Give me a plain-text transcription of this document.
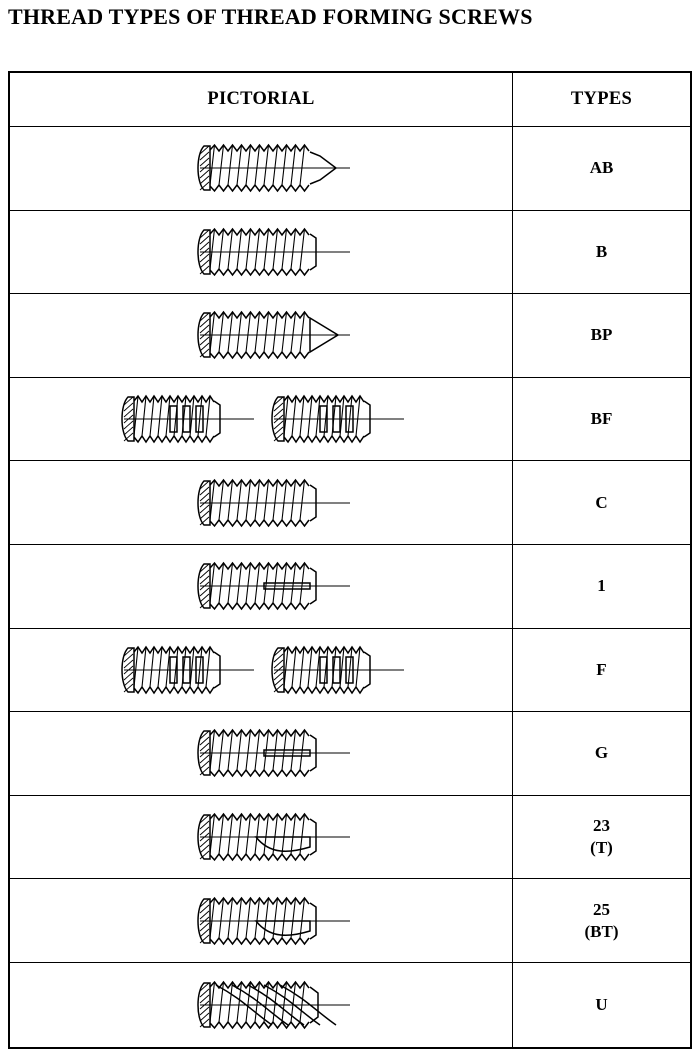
THREAD TYPES OF THREAD FORMING SCREWS
PICTORIAL	TYPES
AB
B
BP
BF
C
1
F
G
23
(T)
25
(BT)
U
